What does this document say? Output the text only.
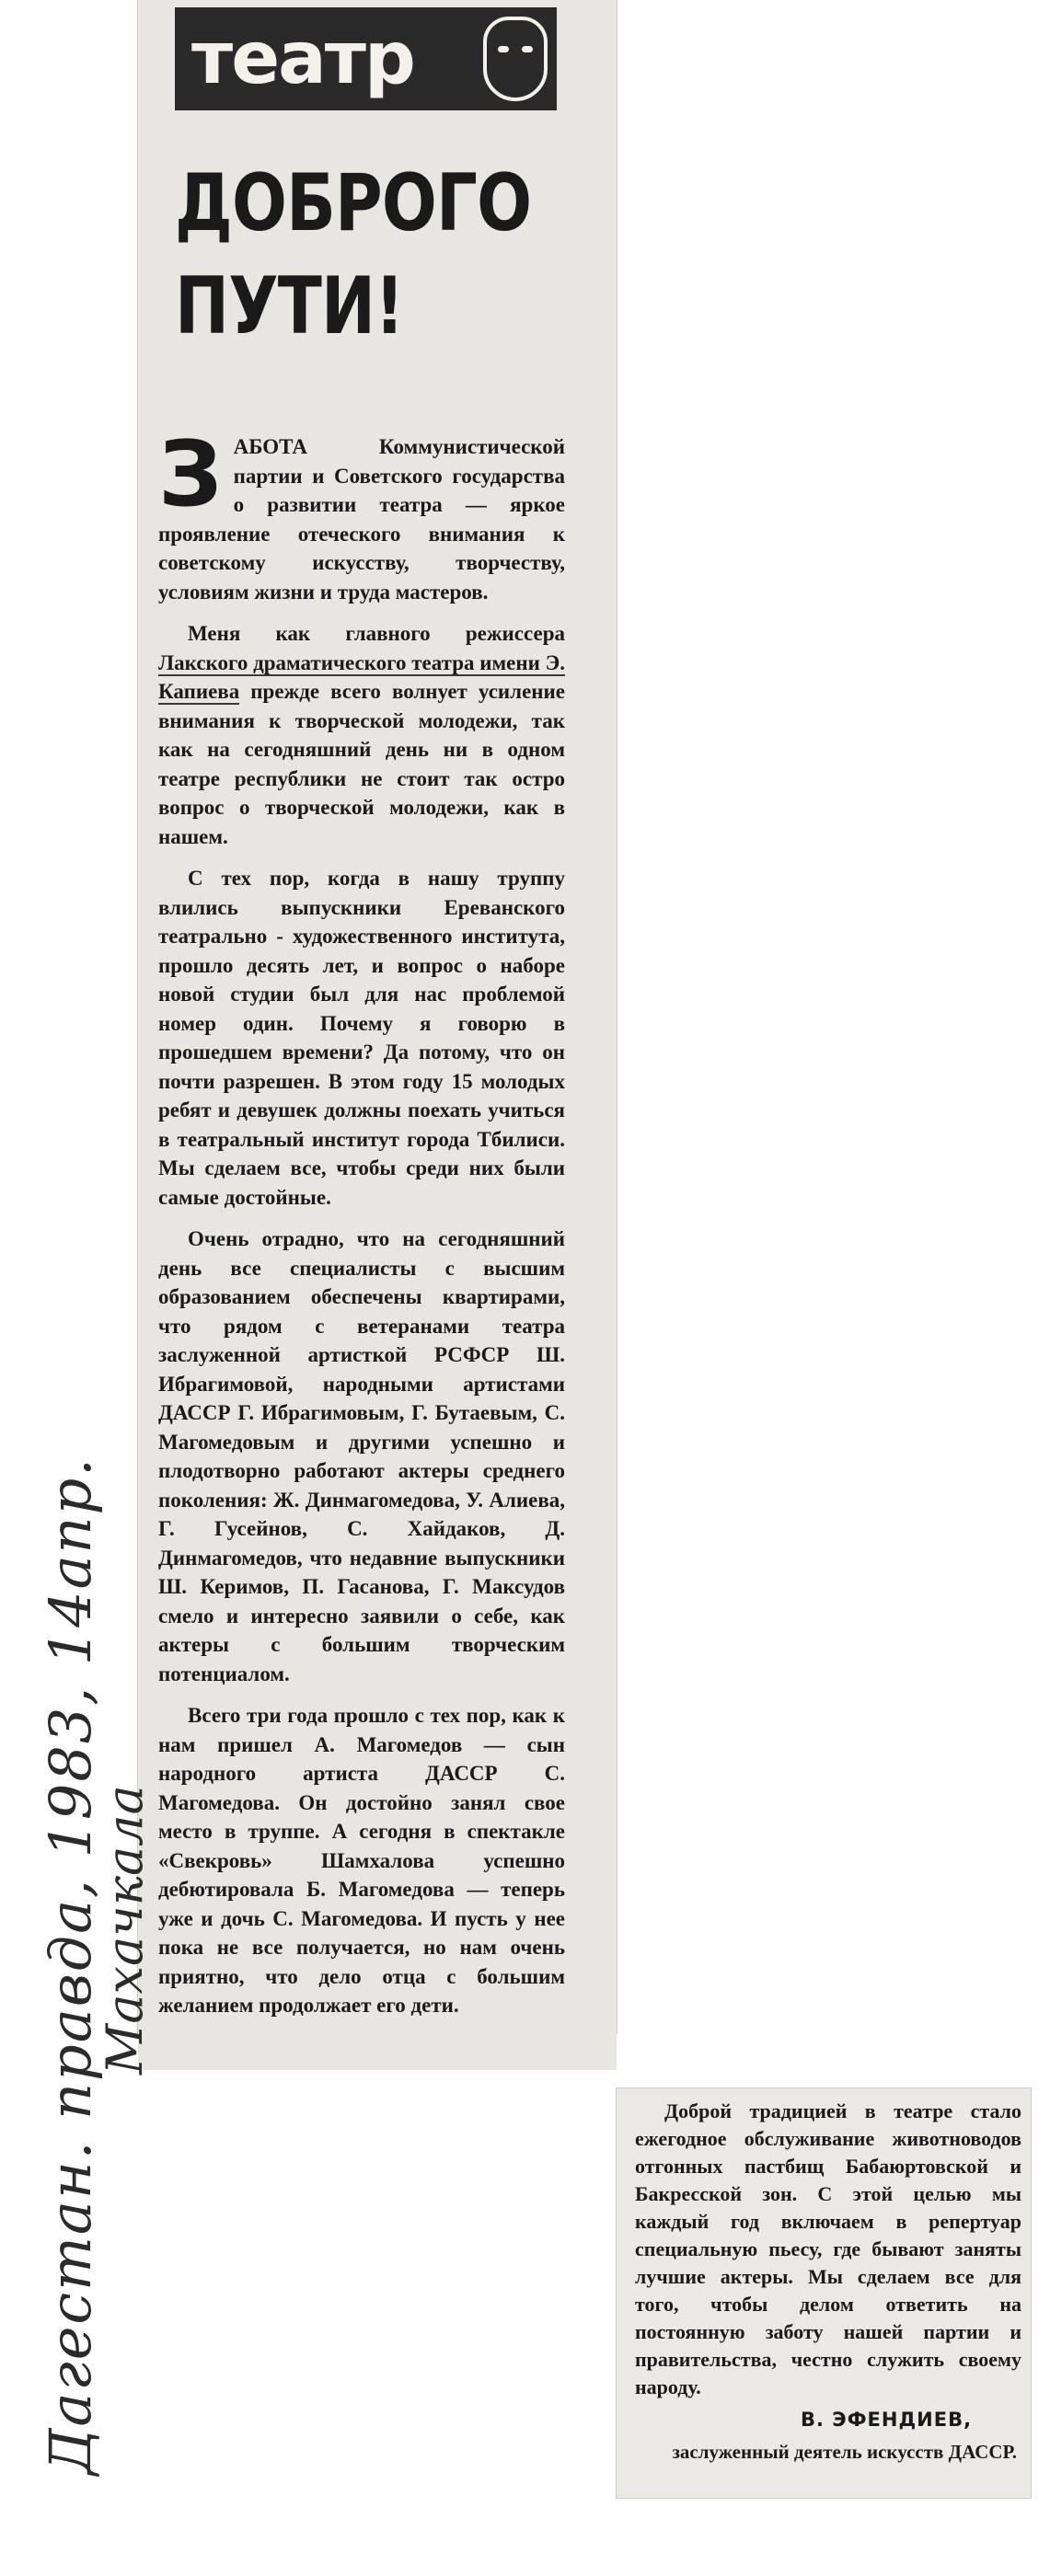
театр
ДОБРОГО
ПУТИ!

З АБОТА Коммунистической партии и Советского государства о развитии театра — яркое проявление отеческого внимания к советскому искусству, творчеству, условиям жизни и труда мастеров.

Меня как главного режиссера Лакского драматического театра имени Э. Капиева прежде всего волнует усиление внимания к творческой молодежи, так как на сегодняшний день ни в одном театре республики не стоит так остро вопрос о творческой молодежи, как в нашем.

С тех пор, когда в нашу труппу влились выпускники Ереванского театрально - художественного института, прошло десять лет, и вопрос о наборе новой студии был для нас проблемой номер один. Почему я говорю в прошедшем времени? Да потому, что он почти разрешен. В этом году 15 молодых ребят и девушек должны поехать учиться в театральный институт города Тбилиси. Мы сделаем все, чтобы среди них были самые достойные.

Очень отрадно, что на сегодняшний день все специалисты с высшим образованием обеспечены квартирами, что рядом с ветеранами театра заслуженной артисткой РСФСР Ш. Ибрагимовой, народными артистами ДАССР Г. Ибрагимовым, Г. Бутаевым, С. Магомедовым и другими успешно и плодотворно работают актеры среднего поколения: Ж. Динмагомедова, У. Алиева, Г. Гусейнов, С. Хайдаков, Д. Динмагомедов, что недавние выпускники Ш. Керимов, П. Гасанова, Г. Максудов смело и интересно заявили о себе, как актеры с большим творческим потенциалом.

Всего три года прошло с тех пор, как к нам пришел А. Магомедов — сын народного артиста ДАССР С. Магомедова. Он достойно занял свое место в труппе. А сегодня в спектакле «Свекровь» Шамхалова успешно дебютировала Б. Магомедова — теперь уже и дочь С. Магомедова. И пусть у нее пока не все получается, но нам очень приятно, что дело отца с большим желанием продолжает его дети.

Доброй традицией в театре стало ежегодное обслуживание животноводов отгонных пастбищ Бабаюртовской и Бакресской зон. С этой целью мы каждый год включаем в репертуар специальную пьесу, где бывают заняты лучшие актеры. Мы сделаем все для того, чтобы делом ответить на постоянную заботу нашей партии и правительства, честно служить своему народу.

В. ЭФЕНДИЕВ,
заслуженный деятель искусств ДАССР.
Дагестан. правда, 1983, 14апр.
Махачкала
